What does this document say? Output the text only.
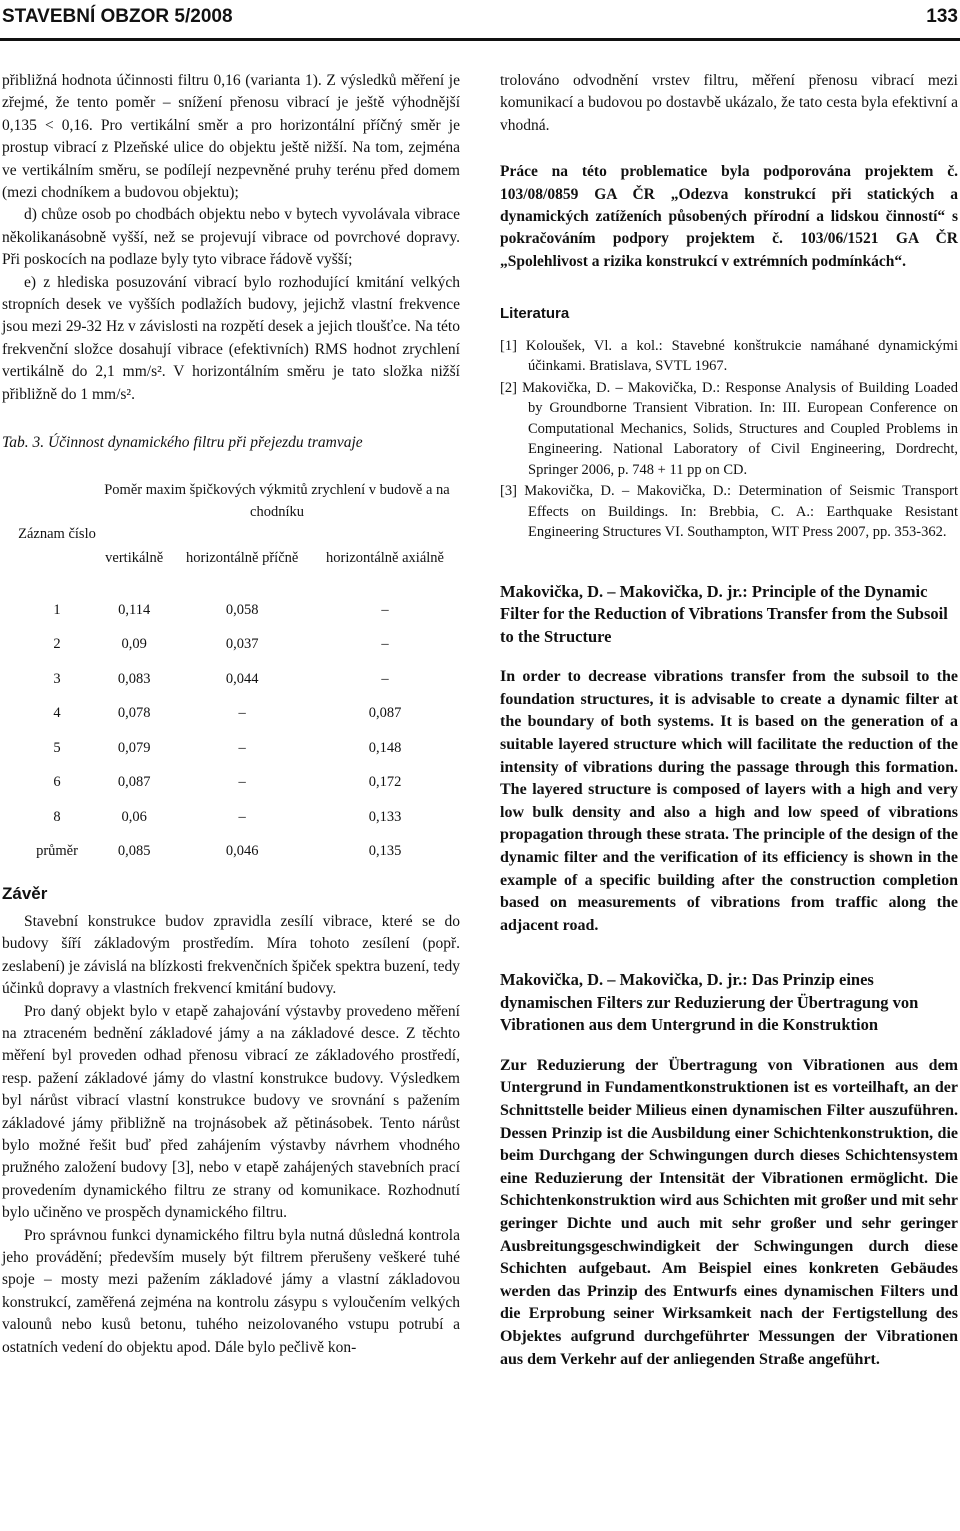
STAVEBNÍ OBZOR 5/2008	133

přibližná hodnota účinnosti filtru 0,16 (varianta 1). Z výsledků měření je zřejmé, že tento poměr – snížení přenosu vibrací je ještě výhodnější 0,135 < 0,16. Pro vertikální směr a pro horizontální příčný směr je prostup vibrací z Plzeňské ulice do objektu ještě nižší. Na tom, zejména ve vertikálním směru, se podílejí nezpevněné pruhy terénu před domem (mezi chodníkem a budovou objektu);

d) chůze osob po chodbách objektu nebo v bytech vyvolávala vibrace několikanásobně vyšší, než se projevují vibrace od povrchové dopravy. Při poskocích na podlaze byly tyto vibrace řádově vyšší;

e) z hlediska posuzování vibrací bylo rozhodující kmitání velkých stropních desek ve vyšších podlažích budovy, jejichž vlastní frekvence jsou mezi 29-32 Hz v závislosti na rozpětí desek a jejich tloušťce. Na této frekvenční složce dosahují vibrace (efektivních) RMS hodnot zrychlení vertikálně do 2,1 mm/s². V horizontálním směru je tato složka nižší přibližně do 1 mm/s².

Tab. 3. Účinnost dynamického filtru při přejezdu tramvaje

Záznam číslo	Poměr maxim špičkových výkmitů zrychlení v budově a na chodníku		
	vertikálně	horizontálně příčně	horizontálně axiálně
1	0,114	0,058	–
2	0,09	0,037	–
3	0,083	0,044	–
4	0,078	–	0,087
5	0,079	–	0,148
6	0,087	–	0,172
8	0,06	–	0,133
průměr	0,085	0,046	0,135
Závěr

Stavební konstrukce budov zpravidla zesílí vibrace, které se do budovy šíří základovým prostředím. Míra tohoto zesílení (popř. zeslabení) je závislá na blízkosti frekvenčních špiček spektra buzení, tedy účinků dopravy a vlastních frekvencí kmitání budovy.

Pro daný objekt bylo v etapě zahajování výstavby provedeno měření na ztraceném bednění základové jámy a na základové desce. Z těchto měření byl proveden odhad přenosu vibrací ze základového prostředí, resp. pažení základové jámy do vlastní konstrukce budovy. Výsledkem byl nárůst vibrací vlastní konstrukce budovy ve srovnání s pažením základové jámy přibližně na trojnásobek až pětinásobek. Tento nárůst bylo možné řešit buď před zahájením výstavby návrhem vhodného pružného založení budovy [3], nebo v etapě zahájených stavebních prací provedením dynamického filtru ze strany od komunikace. Rozhodnutí bylo učiněno ve prospěch dynamického filtru.

Pro správnou funkci dynamického filtru byla nutná důsledná kontrola jeho provádění; především musely být filtrem přerušeny veškeré tuhé spoje – mosty mezi pažením základové jámy a vlastní základovou konstrukcí, zaměřená zejména na kontrolu zásypu s vyloučením velkých valounů nebo kusů betonu, tuhého neizolovaného vstupu potrubí a ostatních vedení do objektu apod. Dále bylo pečlivě kon-

trolováno odvodnění vrstev filtru, měření přenosu vibrací mezi komunikací a budovou po dostavbě ukázalo, že tato cesta byla efektivní a vhodná.

Práce na této problematice byla podporována projektem č. 103/08/0859 GA ČR „Odezva konstrukcí při statických a dynamických zatíženích působených přírodní a lidskou činností“ s pokračováním podpory projektem č. 103/06/1521 GA ČR „Spolehlivost a rizika konstrukcí v extrémních podmínkách“.

Literatura
[1] Koloušek, Vl. a kol.: Stavebné konštrukcie namáhané dynamickými účinkami. Bratislava, SVTL 1967.
[2] Makovička, D. – Makovička, D.: Response Analysis of Building Loaded by Groundborne Transient Vibration. In: III. European Conference on Computational Mechanics, Solids, Structures and Coupled Problems in Engineering. National Laboratory of Civil Engineering, Dordrecht, Springer 2006, p. 748 + 11 pp on CD.
[3] Makovička, D. – Makovička, D.: Determination of Seismic Transport Effects on Buildings. In: Brebbia, C. A.: Earthquake Resistant Engineering Structures VI. Southampton, WIT Press 2007, pp. 353-362.

Makovička, D. – Makovička, D. jr.: Principle of the Dynamic Filter for the Reduction of Vibrations Transfer from the Subsoil to the Structure

In order to decrease vibrations transfer from the subsoil to the foundation structures, it is advisable to create a dynamic filter at the boundary of both systems. It is based on the generation of a suitable layered structure which will facilitate the reduction of the intensity of vibrations during the passage through this formation. The layered structure is composed of layers with a high and very low bulk density and also a high and low speed of vibrations propagation through these strata. The principle of the design of the dynamic filter and the verification of its efficiency is shown in the example of a specific building after the construction completion based on measurements of vibrations from traffic along the adjacent road.

Makovička, D. – Makovička, D. jr.: Das Prinzip eines dynamischen Filters zur Reduzierung der Übertragung von Vibrationen aus dem Untergrund in die Konstruktion

Zur Reduzierung der Übertragung von Vibrationen aus dem Untergrund in Fundamentkonstruktionen ist es vorteilhaft, an der Schnittstelle beider Milieus einen dynamischen Filter auszuführen. Dessen Prinzip ist die Ausbildung einer Schichtenkonstruktion, die beim Durchgang der Schwingungen durch dieses Schichtensystem eine Reduzierung der Intensität der Vibrationen ermöglicht. Die Schichtenkonstruktion wird aus Schichten mit großer und mit sehr geringer Dichte und auch mit sehr großer und sehr geringer Ausbreitungsgeschwindigkeit der Schwingungen durch diese Schichten aufgebaut. Am Beispiel eines konkreten Gebäudes werden das Prinzip des Entwurfs eines dynamischen Filters und die Erprobung seiner Wirksamkeit nach der Fertigstellung des Objektes aufgrund durchgeführter Messungen der Vibrationen aus dem Verkehr auf der anliegenden Straße angeführt.
